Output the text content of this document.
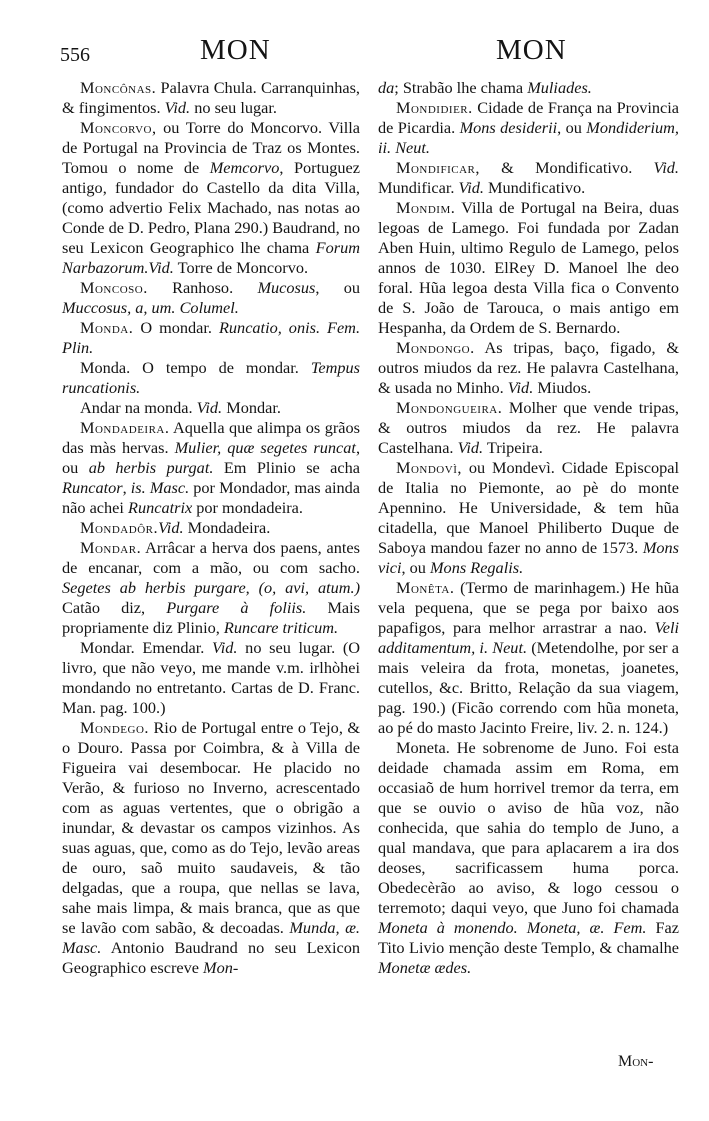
556	MON	MON

Moncônas. Palavra Chula. Carranquinhas, & fingimentos. Vid. no seu lugar.

Moncorvo, ou Torre do Moncorvo. Villa de Portugal na Provincia de Traz os Montes. Tomou o nome de Memcorvo, Portuguez antigo, fundador do Castello da dita Villa, (como advertio Felix Machado, nas notas ao Conde de D. Pedro, Plana 290.) Baudrand, no seu Lexicon Geographico lhe chama Forum Narbazorum.Vid. Torre de Moncorvo.

Moncoso. Ranhoso. Mucosus, ou Muccosus, a, um. Columel.

Monda. O mondar. Runcatio, onis. Fem. Plin.

Monda. O tempo de mondar. Tempus runcationis.

Andar na monda. Vid. Mondar.

Mondadeira. Aquella que alimpa os grãos das màs hervas. Mulier, quæ segetes runcat, ou ab herbis purgat. Em Plinio se acha Runcator, is. Masc. por Mondador, mas ainda não achei Runcatrix por mondadeira.

Mondadôr.Vid. Mondadeira.

Mondar. Arrâcar a herva dos paens, antes de encanar, com a mão, ou com sacho. Segetes ab herbis purgare, (o, avi, atum.) Catão diz, Purgare à foliis. Mais propriamente diz Plinio, Runcare triticum.

Mondar. Emendar. Vid. no seu lugar. (O livro, que não veyo, me mande v.m. irlhòhei mondando no entretanto. Cartas de D. Franc. Man. pag. 100.)

Mondego. Rio de Portugal entre o Tejo, & o Douro. Passa por Coimbra, & à Villa de Figueira vai desembocar. He placido no Verão, & furioso no Inverno, acrescentado com as aguas vertentes, que o obrigão a inundar, & devastar os campos vizinhos. As suas aguas, que, como as do Tejo, levão areas de ouro, saõ muito saudaveis, & tão delgadas, que a roupa, que nellas se lava, sahe mais limpa, & mais branca, que as que se lavão com sabão, & decoadas. Munda, æ. Masc. Antonio Baudrand no seu Lexicon Geographico escreve Mon-

da; Strabão lhe chama Muliades.

Mondidier. Cidade de França na Provincia de Picardia. Mons desiderii, ou Mondiderium, ii. Neut.

Mondificar, & Mondificativo. Vid. Mundificar. Vid. Mundificativo.

Mondim. Villa de Portugal na Beira, duas legoas de Lamego. Foi fundada por Zadan Aben Huin, ultimo Regulo de Lamego, pelos annos de 1030. ElRey D. Manoel lhe deo foral. Hũa legoa desta Villa fica o Convento de S. João de Tarouca, o mais antigo em Hespanha, da Ordem de S. Bernardo.

Mondongo. As tripas, baço, figado, & outros miudos da rez. He palavra Castelhana, & usada no Minho. Vid. Miudos.

Mondongueira. Molher que vende tripas, & outros miudos da rez. He palavra Castelhana. Vid. Tripeira.

Mondovì, ou Mondevì. Cidade Episcopal de Italia no Piemonte, ao pè do monte Apennino. He Universidade, & tem hũa citadella, que Manoel Philiberto Duque de Saboya mandou fazer no anno de 1573. Mons vici, ou Mons Regalis.

Monêta. (Termo de marinhagem.) He hũa vela pequena, que se pega por baixo aos papafigos, para melhor arrastrar a nao. Veli additamentum, i. Neut. (Metendolhe, por ser a mais veleira da frota, monetas, joanetes, cutellos, &c. Britto, Relação da sua viagem, pag. 190.) (Ficão correndo com hũa moneta, ao pé do masto Jacinto Freire, liv. 2. n. 124.)

Moneta. He sobrenome de Juno. Foi esta deidade chamada assim em Roma, em occasiaõ de hum horrivel tremor da terra, em que se ouvio o aviso de hũa voz, não conhecida, que sahia do templo de Juno, a qual mandava, que para aplacarem a ira dos deoses, sacrificassem huma porca. Obedecèrão ao aviso, & logo cessou o terremoto; daqui veyo, que Juno foi chamada Moneta à monendo. Moneta, æ. Fem. Faz Tito Livio menção deste Templo, & chamalhe Monetæ ædes.

Mon-
